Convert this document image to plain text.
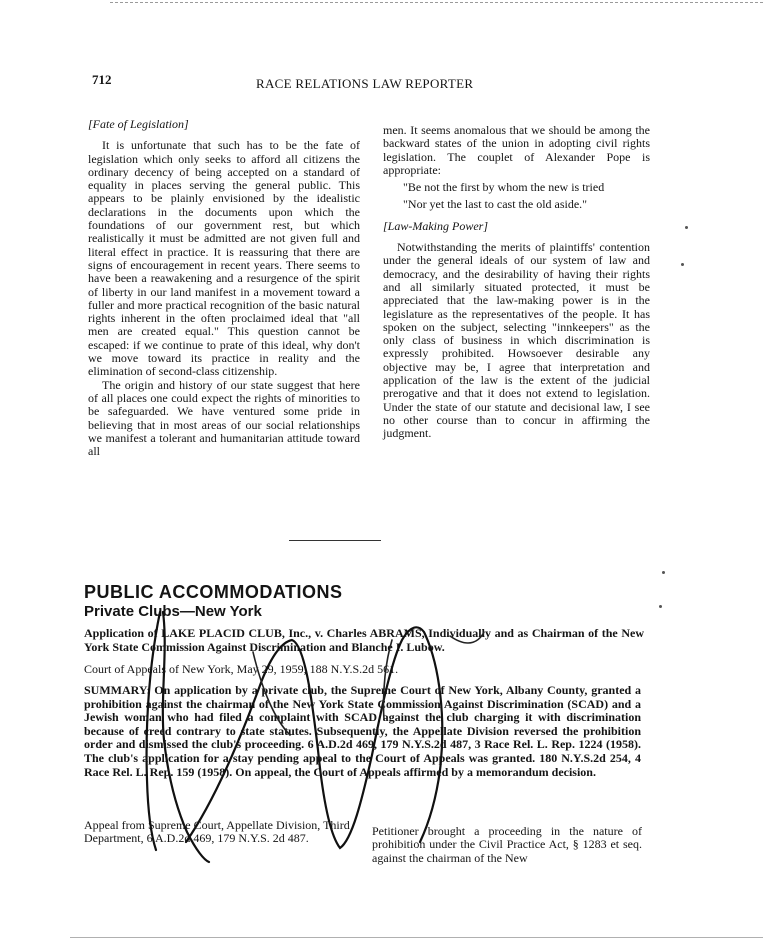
712	RACE RELATIONS LAW REPORTER

[Fate of Legislation]

It is unfortunate that such has to be the fate of legislation which only seeks to afford all citizens the ordinary decency of being accepted on a standard of equality in places serving the general public. This appears to be plainly envisioned by the idealistic declarations in the documents upon which the foundations of our government rest, but which realistically it must be admitted are not given full and literal effect in practice. It is reassuring that there are signs of encouragement in recent years. There seems to have been a reawakening and a resurgence of the spirit of liberty in our land manifest in a movement toward a fuller and more practical recognition of the basic natural rights inherent in the often proclaimed ideal that "all men are created equal." This question cannot be escaped: if we continue to prate of this ideal, why don't we move toward its practice in reality and the elimination of second-class citizenship.

The origin and history of our state suggest that here of all places one could expect the rights of minorities to be safeguarded. We have ventured some pride in believing that in most areas of our social relationships we manifest a tolerant and humanitarian attitude toward all

men. It seems anomalous that we should be among the backward states of the union in adopting civil rights legislation. The couplet of Alexander Pope is appropriate:

"Be not the first by whom the new is tried

"Nor yet the last to cast the old aside."

[Law-Making Power]

Notwithstanding the merits of plaintiffs' contention under the general ideals of our system of law and democracy, and the desirability of having their rights and all similarly situated protected, it must be appreciated that the law-making power is in the legislature as the representatives of the people. It has spoken on the subject, selecting "innkeepers" as the only class of business in which discrimination is expressly prohibited. Howsoever desirable any objective may be, I agree that interpretation and application of the law is the extent of the judicial prerogative and that it does not extend to legislation. Under the state of our statute and decisional law, I see no other course than to concur in affirming the judgment.

PUBLIC ACCOMMODATIONS
Private Clubs—New York
Application of LAKE PLACID CLUB, Inc., v. Charles ABRAMS, Individually and as Chairman of the New York State Commission Against Discrimination and Blanche I. Lubow.
Court of Appeals of New York, May 29, 1959, 188 N.Y.S.2d 561.
SUMMARY: On application by a private club, the Supreme Court of New York, Albany County, granted a prohibition against the chairman of the New York State Commission Against Discrimination (SCAD) and a Jewish woman who had filed a complaint with SCAD against the club charging it with discrimination because of creed contrary to state statutes. Subsequently, the Appellate Division reversed the prohibition order and dismissed the club's proceeding. 6 A.D.2d 469, 179 N.Y.S.2d 487, 3 Race Rel. L. Rep. 1224 (1958). The club's application for a stay pending appeal to the Court of Appeals was granted. 180 N.Y.S.2d 254, 4 Race Rel. L. Rep. 159 (1958). On appeal, the Court of Appeals affirmed by a memorandum decision.
Appeal from Supreme Court, Appellate Division, Third Department, 6 A.D.2d 469, 179 N.Y.S. 2d 487.
Petitioner brought a proceeding in the nature of prohibition under the Civil Practice Act, § 1283 et seq. against the chairman of the New
